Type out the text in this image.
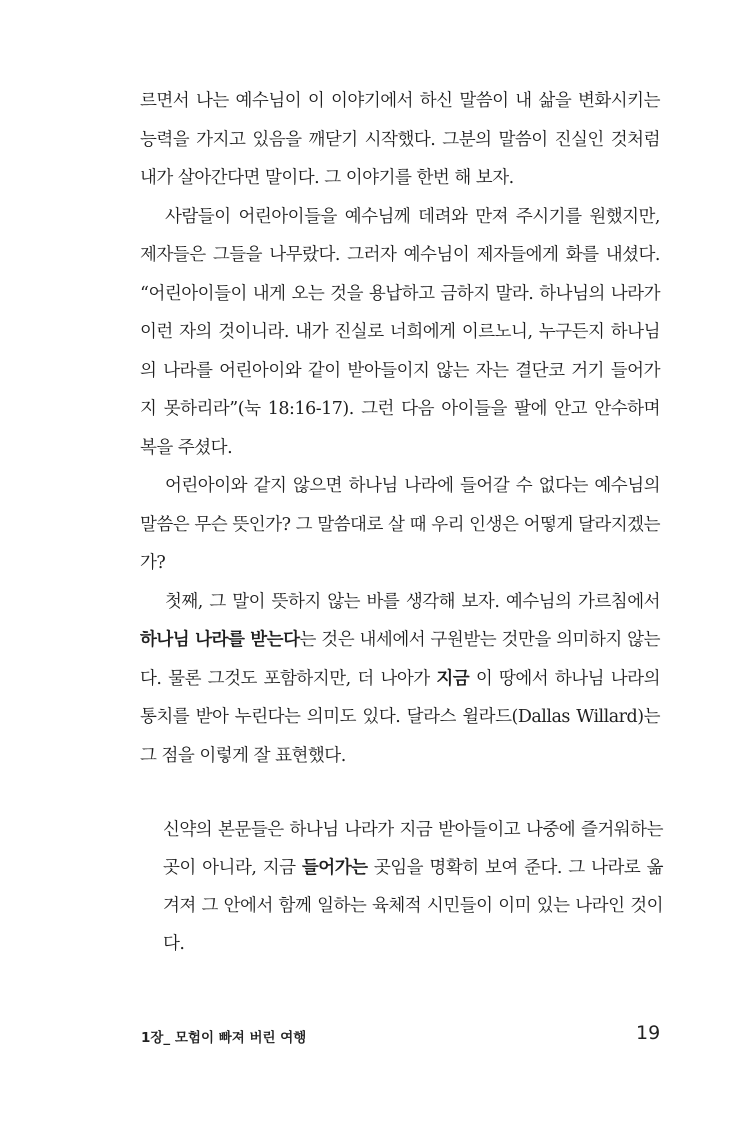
르면서 나는 예수님이 이 이야기에서 하신 말씀이 내 삶을 변화시키는 능력을 가지고 있음을 깨닫기 시작했다. 그분의 말씀이 진실인 것처럼 내가 살아간다면 말이다. 그 이야기를 한번 해 보자.

사람들이 어린아이들을 예수님께 데려와 만져 주시기를 원했지만, 제자들은 그들을 나무랐다. 그러자 예수님이 제자들에게 화를 내셨다. “어린아이들이 내게 오는 것을 용납하고 금하지 말라. 하나님의 나라가 이런 자의 것이니라. 내가 진실로 너희에게 이르노니, 누구든지 하나님의 나라를 어린아이와 같이 받아들이지 않는 자는 결단코 거기 들어가지 못하리라”(눅 18:16-17). 그런 다음 아이들을 팔에 안고 안수하며 복을 주셨다.

어린아이와 같지 않으면 하나님 나라에 들어갈 수 없다는 예수님의 말씀은 무슨 뜻인가? 그 말씀대로 살 때 우리 인생은 어떻게 달라지겠는가?

첫째, 그 말이 뜻하지 않는 바를 생각해 보자. 예수님의 가르침에서 하나님 나라를 받는다는 것은 내세에서 구원받는 것만을 의미하지 않는다. 물론 그것도 포함하지만, 더 나아가 지금 이 땅에서 하나님 나라의 통치를 받아 누린다는 의미도 있다. 달라스 윌라드(Dallas Willard)는 그 점을 이렇게 잘 표현했다.

신약의 본문들은 하나님 나라가 지금 받아들이고 나중에 즐거워하는 곳이 아니라, 지금 들어가는 곳임을 명확히 보여 준다. 그 나라로 옮겨져 그 안에서 함께 일하는 육체적 시민들이 이미 있는 나라인 것이다.

1장_ 모험이 빠져 버린 여행	19
